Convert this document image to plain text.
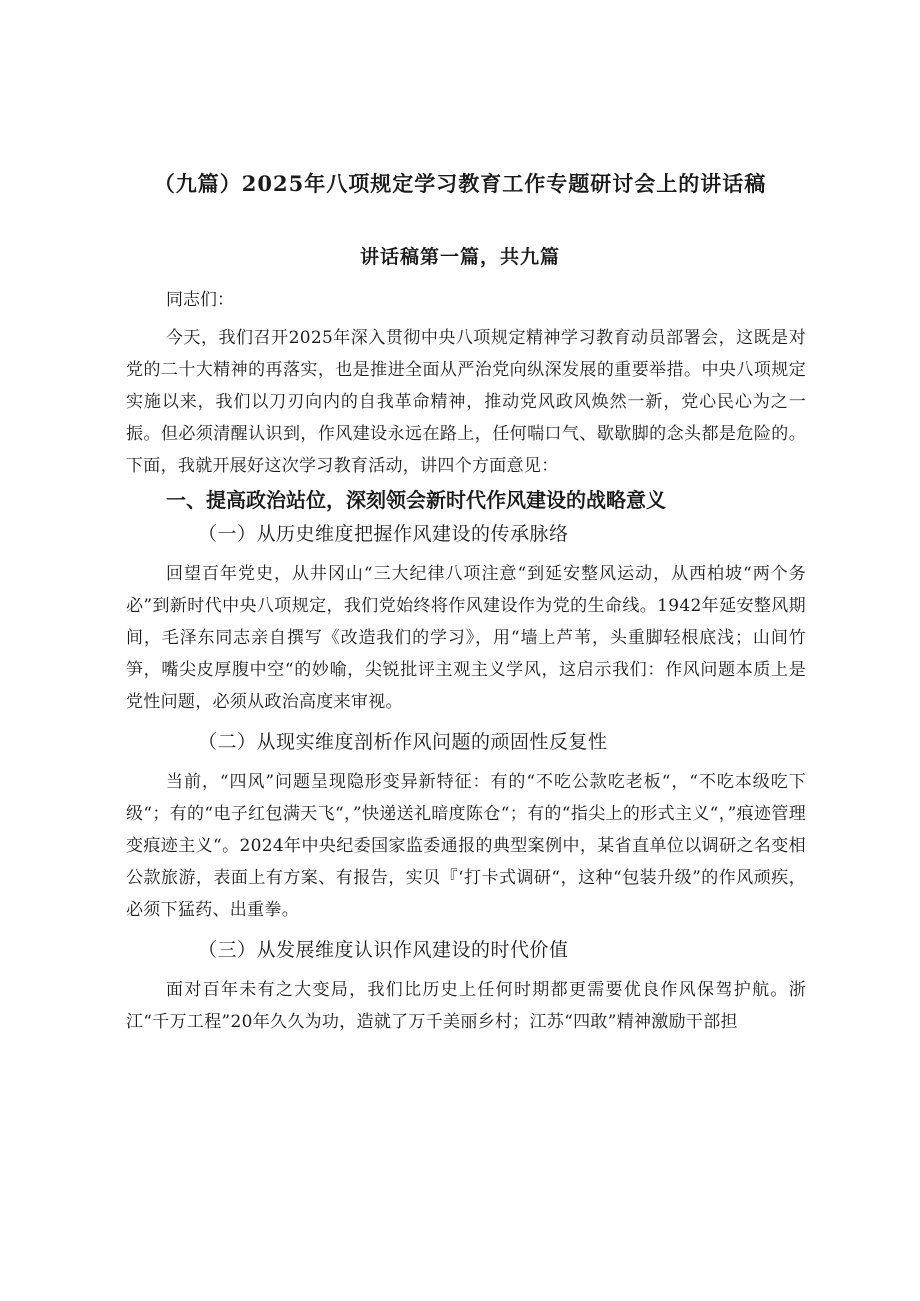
（九篇）2025年八项规定学习教育工作专题研讨会上的讲话稿
讲话稿第一篇，共九篇

同志们：

今天，我们召开2025年深入贯彻中央八项规定精神学习教育动员部署会，这既是对党的二十大精神的再落实，也是推进全面从严治党向纵深发展的重要举措。中央八项规定实施以来，我们以刀刃向内的自我革命精神，推动党风政风焕然一新，党心民心为之一振。但必须清醒认识到，作风建设永远在路上，任何喘口气、歇歇脚的念头都是危险的。下面，我就开展好这次学习教育活动，讲四个方面意见：

一、提高政治站位，深刻领会新时代作风建设的战略意义
（一）从历史维度把握作风建设的传承脉络

回望百年党史，从井冈山“三大纪律八项注意“到延安整风运动，从西柏坡“两个务必”到新时代中央八项规定，我们党始终将作风建设作为党的生命线。1942年延安整风期间，毛泽东同志亲自撰写《改造我们的学习》，用“墙上芦苇，头重脚轻根底浅；山间竹笋，嘴尖皮厚腹中空“的妙喻，尖锐批评主观主义学风，这启示我们：作风问题本质上是党性问题，必须从政治高度来审视。

（二）从现实维度剖析作风问题的顽固性反复性

当前，“四风”问题呈现隐形变异新特征：有的“不吃公款吃老板“，“不吃本级吃下级“；有的“电子红包满天飞“，”快递送礼暗度陈仓“；有的“指尖上的形式主义“，”痕迹管理变痕迹主义“。2024年中央纪委国家监委通报的典型案例中，某省直单位以调研之名变相公款旅游，表面上有方案、有报告，实贝『‘打卡式调研“，这种“包装升级”的作风顽疾，必须下猛药、出重拳。

（三）从发展维度认识作风建设的时代价值

面对百年未有之大变局，我们比历史上任何时期都更需要优良作风保驾护航。浙江“千万工程”20年久久为功，造就了万千美丽乡村；江苏“四敢”精神激励干部担
